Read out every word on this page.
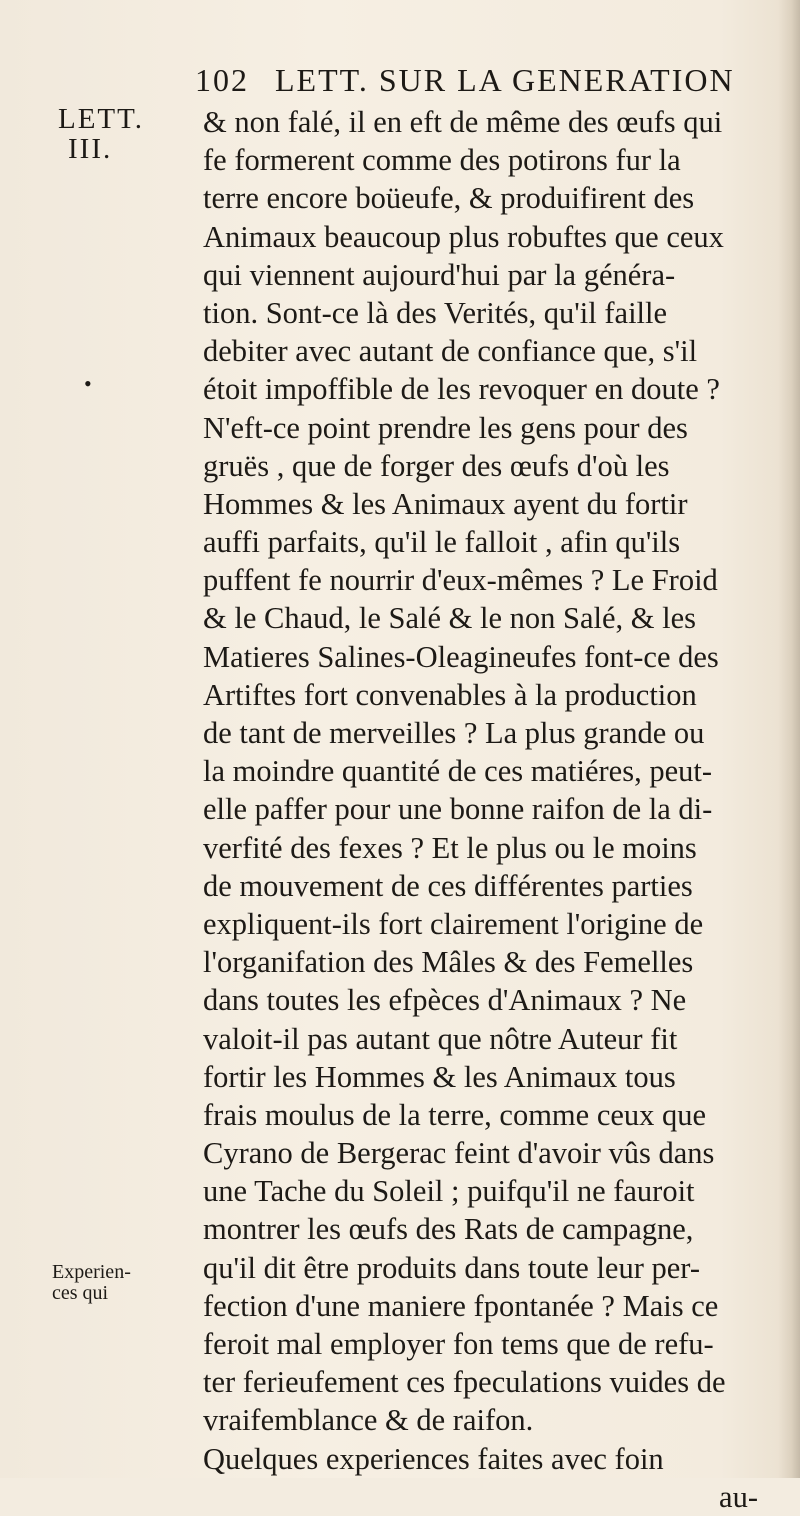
102 LETT. SUR LA GENERATION
LETT.
III.
•
Experien-
ces qui
& non falé, il en eft de même des œufs qui
fe formerent comme des potirons fur la
terre encore boüeufe, & produifirent des
Animaux beaucoup plus robuftes que ceux
qui viennent aujourd'hui par la généra-
tion. Sont-ce là des Verités, qu'il faille
debiter avec autant de confiance que, s'il
étoit impoffible de les revoquer en doute ?
N'eft-ce point prendre les gens pour des
gruës , que de forger des œufs d'où les
Hommes & les Animaux ayent du fortir
auffi parfaits, qu'il le falloit , afin qu'ils
puffent fe nourrir d'eux-mêmes ? Le Froid
& le Chaud, le Salé & le non Salé, & les
Matieres Salines-Oleagineufes font-ce des
Artiftes fort convenables à la production
de tant de merveilles ? La plus grande ou
la moindre quantité de ces matiéres, peut-
elle paffer pour une bonne raifon de la di-
verfité des fexes ? Et le plus ou le moins
de mouvement de ces différentes parties
expliquent-ils fort clairement l'origine de
l'organifation des Mâles & des Femelles
dans toutes les efpèces d'Animaux ? Ne
valoit-il pas autant que nôtre Auteur fit
fortir les Hommes & les Animaux tous
frais moulus de la terre, comme ceux que
Cyrano de Bergerac feint d'avoir vûs dans
une Tache du Soleil ; puifqu'il ne fauroit
montrer les œufs des Rats de campagne,
qu'il dit être produits dans toute leur per-
fection d'une maniere fpontanée ? Mais ce
feroit mal employer fon tems que de refu-
ter ferieufement ces fpeculations vuides de
vraifemblance & de raifon.
Quelques experiences faites avec foin
au-
